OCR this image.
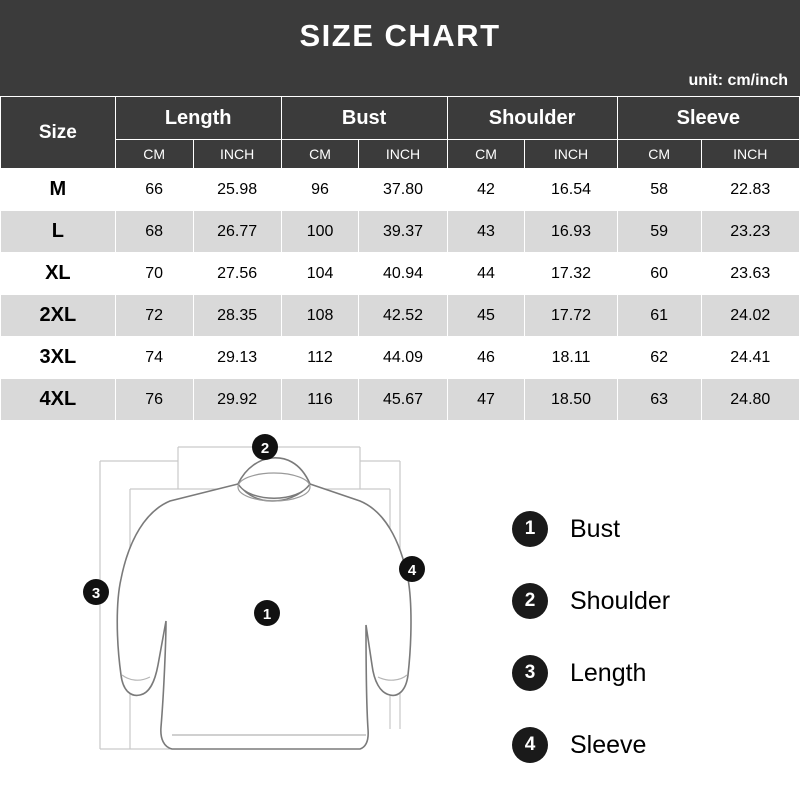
SIZE CHART
unit: cm/inch
Size	Length		Bust		Shoulder		Sleeve	
	CM	INCH	CM	INCH	CM	INCH	CM	INCH
M	66	25.98	96	37.80	42	16.54	58	22.83
L	68	26.77	100	39.37	43	16.93	59	23.23
XL	70	27.56	104	40.94	44	17.32	60	23.63
2XL	72	28.35	108	42.52	45	17.72	61	24.02
3XL	74	29.13	112	44.09	46	18.11	62	24.41
4XL	76	29.92	116	45.67	47	18.50	63	24.80
2
3
4
1
1	Bust
2	Shoulder
3	Length
4	Sleeve
